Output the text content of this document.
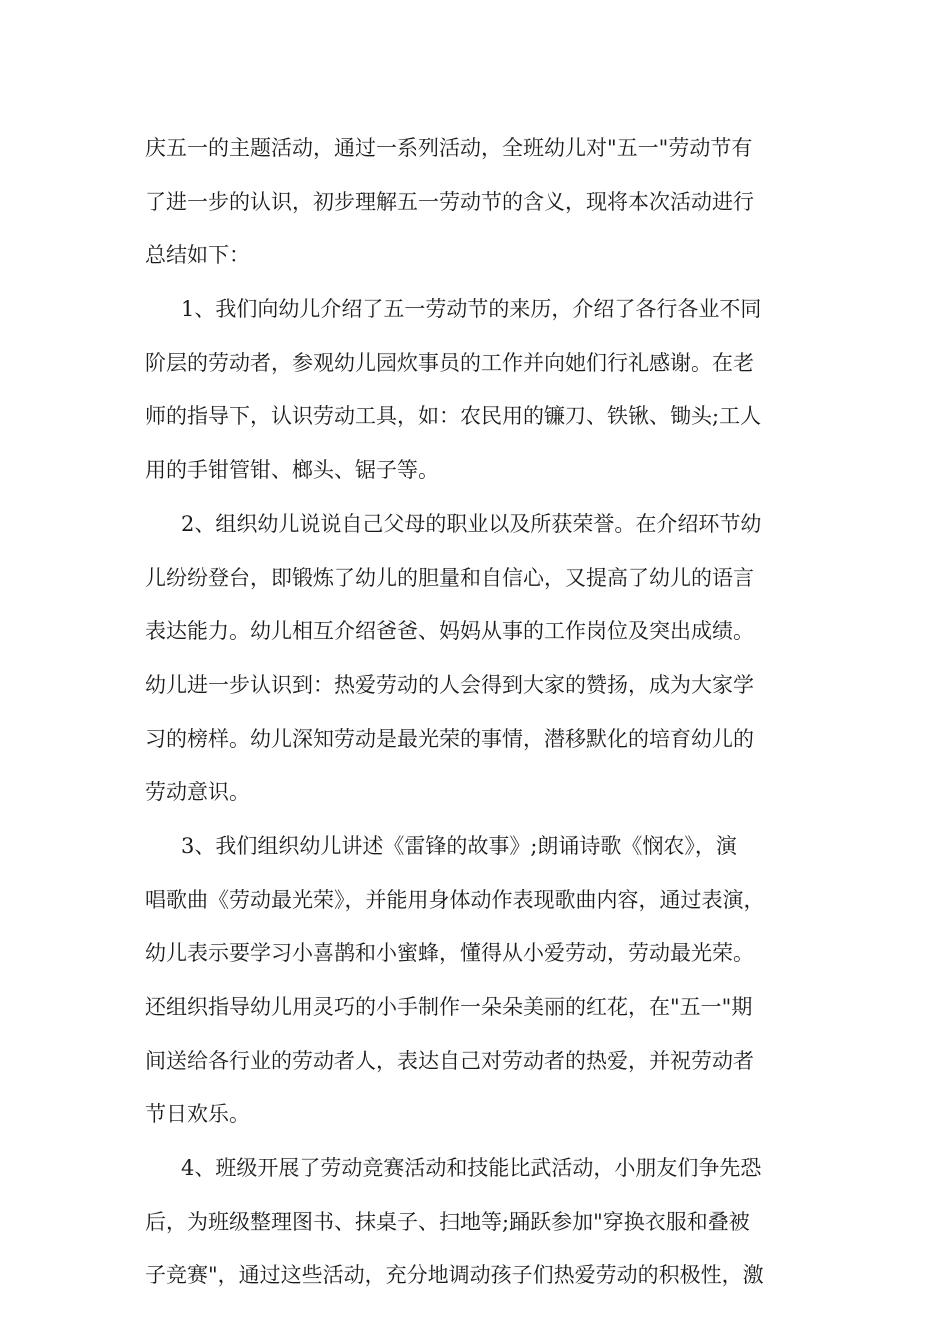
庆五一的主题活动，通过一系列活动，全班幼儿对"五一"劳动节有
了进一步的认识，初步理解五一劳动节的含义，现将本次活动进行
总结如下：
1、我们向幼儿介绍了五一劳动节的来历，介绍了各行各业不同
阶层的劳动者，参观幼儿园炊事员的工作并向她们行礼感谢。在老
师的指导下，认识劳动工具，如：农民用的镰刀、铁锹、锄头;工人
用的手钳管钳、榔头、锯子等。
2、组织幼儿说说自己父母的职业以及所获荣誉。在介绍环节幼
儿纷纷登台，即锻炼了幼儿的胆量和自信心，又提高了幼儿的语言
表达能力。幼儿相互介绍爸爸、妈妈从事的工作岗位及突出成绩。
幼儿进一步认识到：热爱劳动的人会得到大家的赞扬，成为大家学
习的榜样。幼儿深知劳动是最光荣的事情，潜移默化的培育幼儿的
劳动意识。
3、我们组织幼儿讲述《雷锋的故事》;朗诵诗歌《悯农》，演
唱歌曲《劳动最光荣》，并能用身体动作表现歌曲内容，通过表演，
幼儿表示要学习小喜鹊和小蜜蜂，懂得从小爱劳动，劳动最光荣。
还组织指导幼儿用灵巧的小手制作一朵朵美丽的红花，在"五一"期
间送给各行业的劳动者人，表达自己对劳动者的热爱，并祝劳动者
节日欢乐。
4、班级开展了劳动竞赛活动和技能比武活动，小朋友们争先恐
后，为班级整理图书、抹桌子、扫地等;踊跃参加"穿换衣服和叠被
子竞赛"，通过这些活动，充分地调动孩子们热爱劳动的积极性，激
